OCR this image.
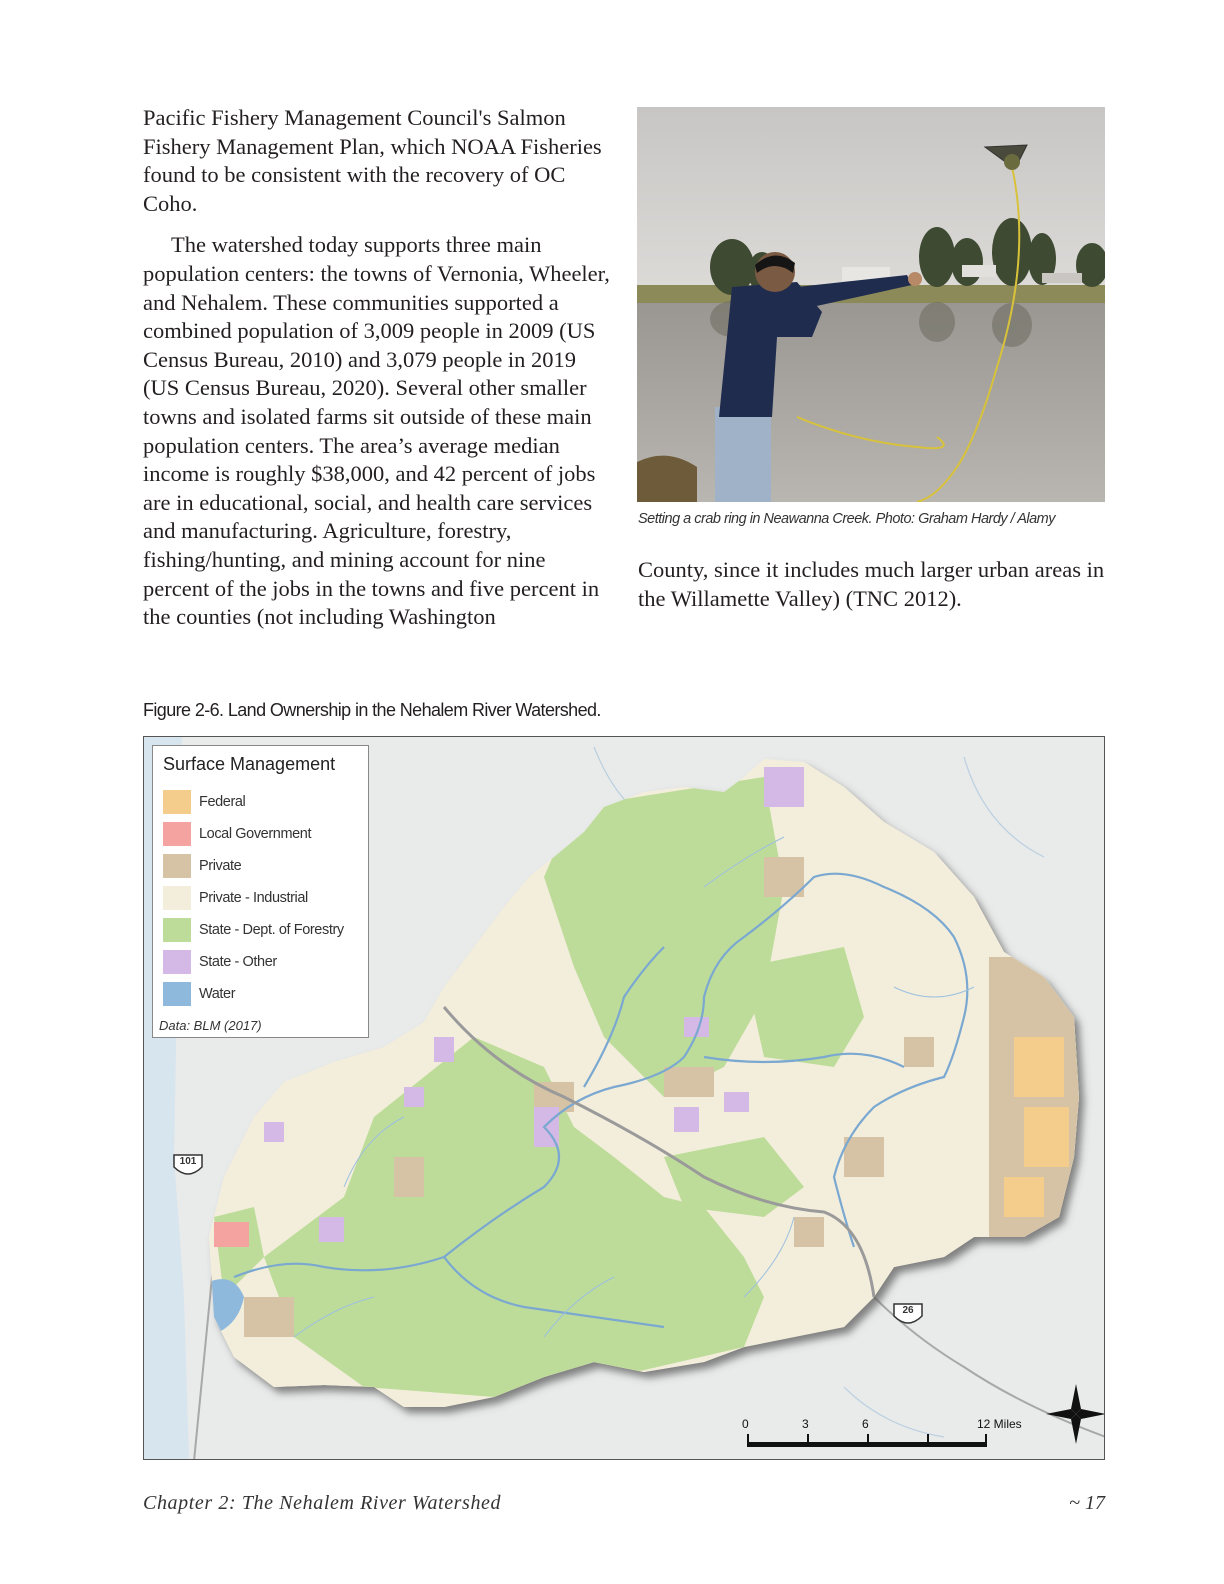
Pacific Fishery Management Council's Salmon Fishery Management Plan, which NOAA Fisheries found to be consistent with the recovery of OC Coho.

The watershed today supports three main population centers: the towns of Vernonia, Wheeler, and Nehalem. These communities supported a combined population of 3,009 people in 2009 (US Census Bureau, 2010) and 3,079 people in 2019 (US Census Bureau, 2020). Several other smaller towns and isolated farms sit outside of these main population centers. The area’s average median income is roughly $38,000, and 42 percent of jobs are in educational, social, and health care services and manufacturing. Agriculture, forestry, fishing/hunting, and mining account for nine percent of the jobs in the towns and five percent in the counties (not including Washington

Setting a crab ring in Neawanna Creek. Photo: Graham Hardy / Alamy
County, since it includes much larger urban areas in the Willamette Valley) (TNC 2012).
Figure 2-6. Land Ownership in the Nehalem River Watershed.
101
26
0	3	6	12 Miles
Surface Management
Federal
Local Government
Private
Private - Industrial
State - Dept. of Forestry
State - Other
Water
Data: BLM (2017)
Chapter 2: The Nehalem River Watershed	~ 17
